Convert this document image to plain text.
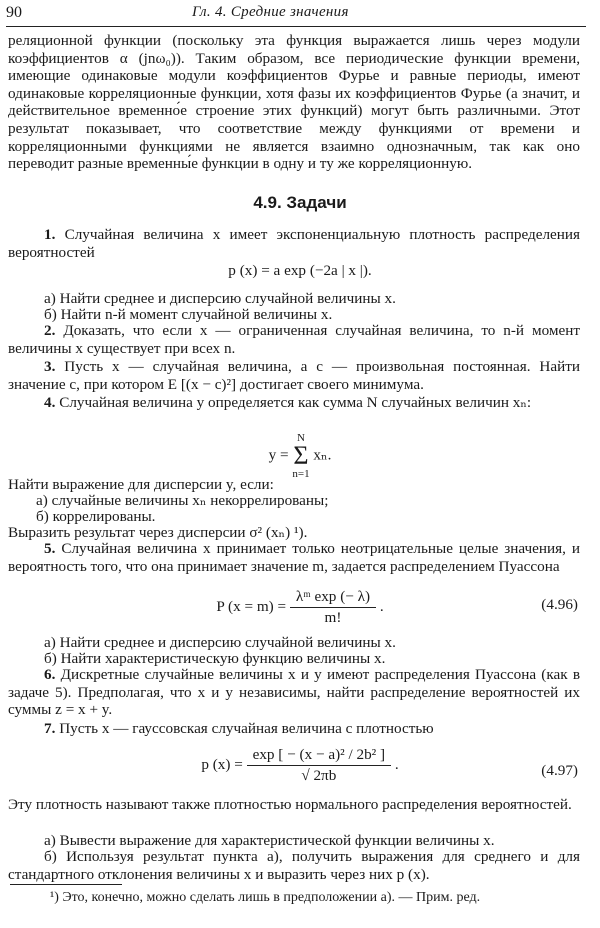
90	Гл. 4. Средние значения

реляционной функции (поскольку эта функция выражается лишь через модули коэффициентов α (jnω₀)). Таким образом, все периодические функции времени, имеющие одинаковые модули коэффициентов Фурье и равные периоды, имеют одинаковые корреляционные функции, хотя фазы их коэффициентов Фурье (а значит, и действительное временно́е строение этих функций) могут быть различными. Этот результат показывает, что соответствие между функциями от времени и корреляционными функциями не является взаимно однозначным, так как оно переводит разные временны́е функции в одну и ту же корреляционную.

4.9. Задачи

1. Случайная величина x имеет экспоненциальную плотность распределения вероятностей

p (x) = a exp (−2a | x |).

а) Найти среднее и дисперсию случайной величины x.

б) Найти n-й момент случайной величины x.

2. Доказать, что если x — ограниченная случайная величина, то n-й момент величины x существует при всех n.

3. Пусть x — случайная величина, а c — произвольная постоянная. Найти значение c, при котором E [(x − c)²] достигает своего минимума.

4. Случайная величина y определяется как сумма N случайных величин xₙ:

y =
N
Σ
n=1
xₙ.

Найти выражение для дисперсии y, если:

а) случайные величины xₙ некоррелированы;

б) коррелированы.

Выразить результат через дисперсии σ² (xₙ) ¹).

5. Случайная величина x принимает только неотрицательные целые значения, и вероятность того, что она принимает значение m, задается распределением Пуассона

P $(x = m) = \frac{\text{λᵐ exp (− λ)}}{m!}$ .	(4.96)

а) Найти среднее и дисперсию случайной величины x.

б) Найти характеристическую функцию величины x.

6. Дискретные случайные величины x и y имеют распределения Пуассона (как в задаче 5). Предполагая, что x и y независимы, найти распределение вероятностей их суммы z = x + y.

7. Пусть x — гауссовская случайная величина с плотностью

p $(x) = \frac{\text{exp [ − (x − a)² / 2b² ]}}{√ 2\pi b}$ .	(4.97)

Эту плотность называют также плотностью нормального распределения вероятностей.

а) Вывести выражение для характеристической функции величины x.

б) Используя результат пункта а), получить выражения для среднего и для стандартного отклонения величины x и выразить через них p (x).

¹) Это, конечно, можно сделать лишь в предположении а). — Прим. ред.
